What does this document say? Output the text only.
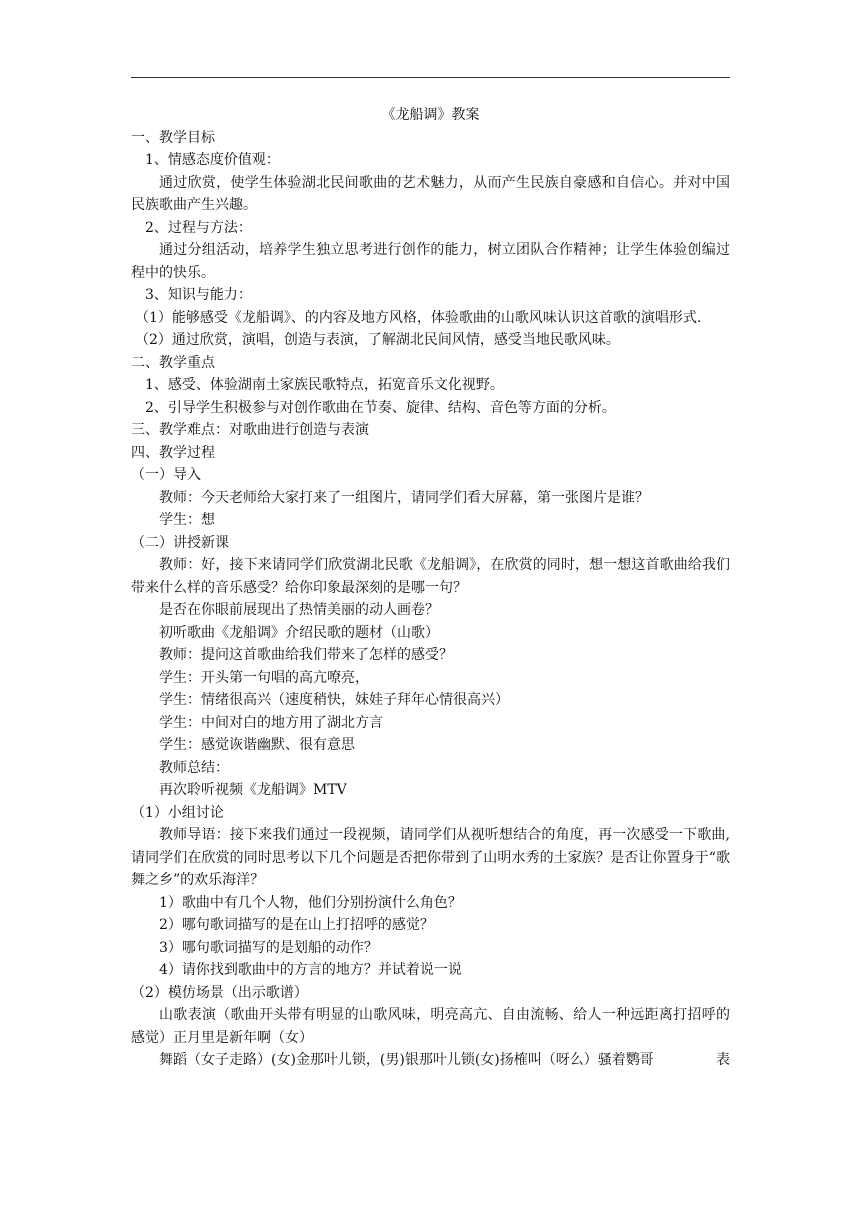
《龙船调》教案
一、教学目标
1、情感态度价值观：
通过欣赏，使学生体验湖北民间歌曲的艺术魅力，从而产生民族自豪感和自信心。并对中国民族歌曲产生兴趣。
2、过程与方法：
通过分组活动，培养学生独立思考进行创作的能力，树立团队合作精神；让学生体验创编过程中的快乐。
3、知识与能力：
（1）能够感受《龙船调》、的内容及地方风格，体验歌曲的山歌风味认识这首歌的演唱形式.
（2）通过欣赏，演唱，创造与表演，了解湖北民间风情，感受当地民歌风味。
二、教学重点
1、感受、体验湖南土家族民歌特点，拓宽音乐文化视野。
2、引导学生积极参与对创作歌曲在节奏、旋律、结构、音色等方面的分析。
三、教学难点：对歌曲进行创造与表演
四、教学过程
（一）导入
教师：今天老师给大家打来了一组图片，请同学们看大屏幕，第一张图片是谁？
学生：想
（二）讲授新课
教师：好，接下来请同学们欣赏湖北民歌《龙船调》，在欣赏的同时，想一想这首歌曲给我们带来什么样的音乐感受？给你印象最深刻的是哪一句？
是否在你眼前展现出了热情美丽的动人画卷？
初听歌曲《龙船调》介绍民歌的题材（山歌）
教师：提问这首歌曲给我们带来了怎样的感受？
学生：开头第一句唱的高亢嘹亮，
学生：情绪很高兴（速度稍快，妹娃子拜年心情很高兴）
学生：中间对白的地方用了湖北方言
学生：感觉诙谐幽默、很有意思
教师总结：
再次聆听视频《龙船调》MTV
（1）小组讨论
教师导语：接下来我们通过一段视频，请同学们从视听想结合的角度，再一次感受一下歌曲,请同学们在欣赏的同时思考以下几个问题是否把你带到了山明水秀的土家族？是否让你置身于“歌舞之乡”的欢乐海洋？
1）歌曲中有几个人物，他们分别扮演什么角色？
2）哪句歌词描写的是在山上打招呼的感觉？
3）哪句歌词描写的是划船的动作？
4）请你找到歌曲中的方言的地方？并试着说一说
（2）模仿场景（出示歌谱）
山歌表演（歌曲开头带有明显的山歌风味，明亮高亢、自由流畅、给人一种远距离打招呼的感觉）正月里是新年啊（女）
舞蹈（女子走路）(女)金那叶儿锁，(男)银那叶儿锁(女)扬榷叫（呀么）骚着鹦哥	表
